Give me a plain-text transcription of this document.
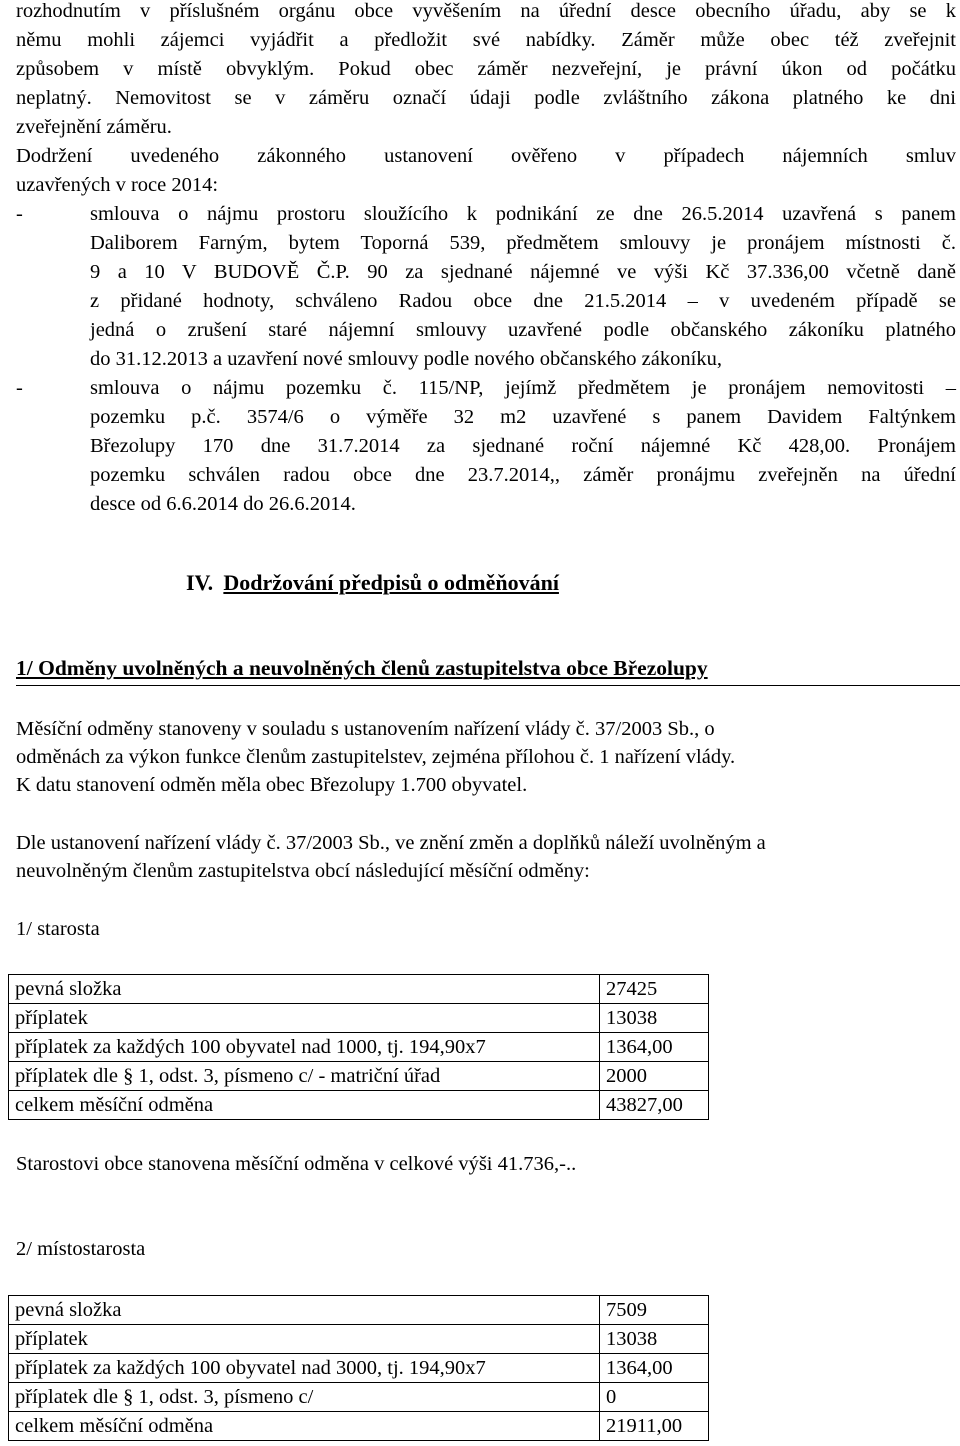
rozhodnutím v příslušném orgánu obce vyvěšením na úřední desce obecního úřadu, aby se k
němu mohli zájemci vyjádřit a předložit své nabídky. Záměr může obec též zveřejnit
způsobem v místě obvyklým. Pokud obec záměr nezveřejní, je právní úkon od počátku
neplatný. Nemovitost se v záměru označí údaji podle zvláštního zákona platného ke dni
zveřejnění záměru.
Dodržení uvedeného zákonného ustanovení ověřeno v případech nájemních smluv
uzavřených v roce 2014:
-	smlouva o nájmu prostoru sloužícího k podnikání ze dne 26.5.2014 uzavřená s panem
Daliborem Farným, bytem Toporná 539, předmětem smlouvy je pronájem místnosti č.
9 a 10 V BUDOVĚ Č.P. 90 za sjednané nájemné ve výši Kč 37.336,00 včetně daně
z přidané hodnoty, schváleno Radou obce dne 21.5.2014 – v uvedeném případě se
jedná o zrušení staré nájemní smlouvy uzavřené podle občanského zákoníku platného
do 31.12.2013 a uzavření nové smlouvy podle nového občanského zákoníku,
-	smlouva o nájmu pozemku č. 115/NP, jejímž předmětem je pronájem nemovitosti –
pozemku p.č. 3574/6 o výměře 32 m2 uzavřené s panem Davidem Faltýnkem
Březolupy 170 dne 31.7.2014 za sjednané roční nájemné Kč 428,00. Pronájem
pozemku schválen radou obce dne 23.7.2014,, záměr pronájmu zveřejněn na úřední
desce od 6.6.2014 do 26.6.2014.
IV. Dodržování předpisů o odměňování
1/ Odměny uvolněných a neuvolněných členů zastupitelstva obce Březolupy
Měsíční odměny stanoveny v souladu s ustanovením nařízení vlády č. 37/2003 Sb., o
odměnách za výkon funkce členům zastupitelstev, zejména přílohou č. 1 nařízení vlády.
K datu stanovení odměn měla obec Březolupy 1.700 obyvatel.
Dle ustanovení nařízení vlády č. 37/2003 Sb., ve znění změn a doplňků náleží uvolněným a
neuvolněným členům zastupitelstva obcí následující měsíční odměny:
1/ starosta
pevná složka	27425
příplatek	13038
příplatek za každých 100 obyvatel nad 1000, tj. 194,90x7	1364,00
příplatek dle § 1, odst. 3, písmeno c/ - matriční úřad	2000
celkem měsíční odměna	43827,00
Starostovi obce stanovena měsíční odměna v celkové výši 41.736,-..
2/ místostarosta
pevná složka	7509
příplatek	13038
příplatek za každých 100 obyvatel nad 3000, tj. 194,90x7	1364,00
příplatek dle § 1, odst. 3, písmeno c/	0
celkem měsíční odměna	21911,00
